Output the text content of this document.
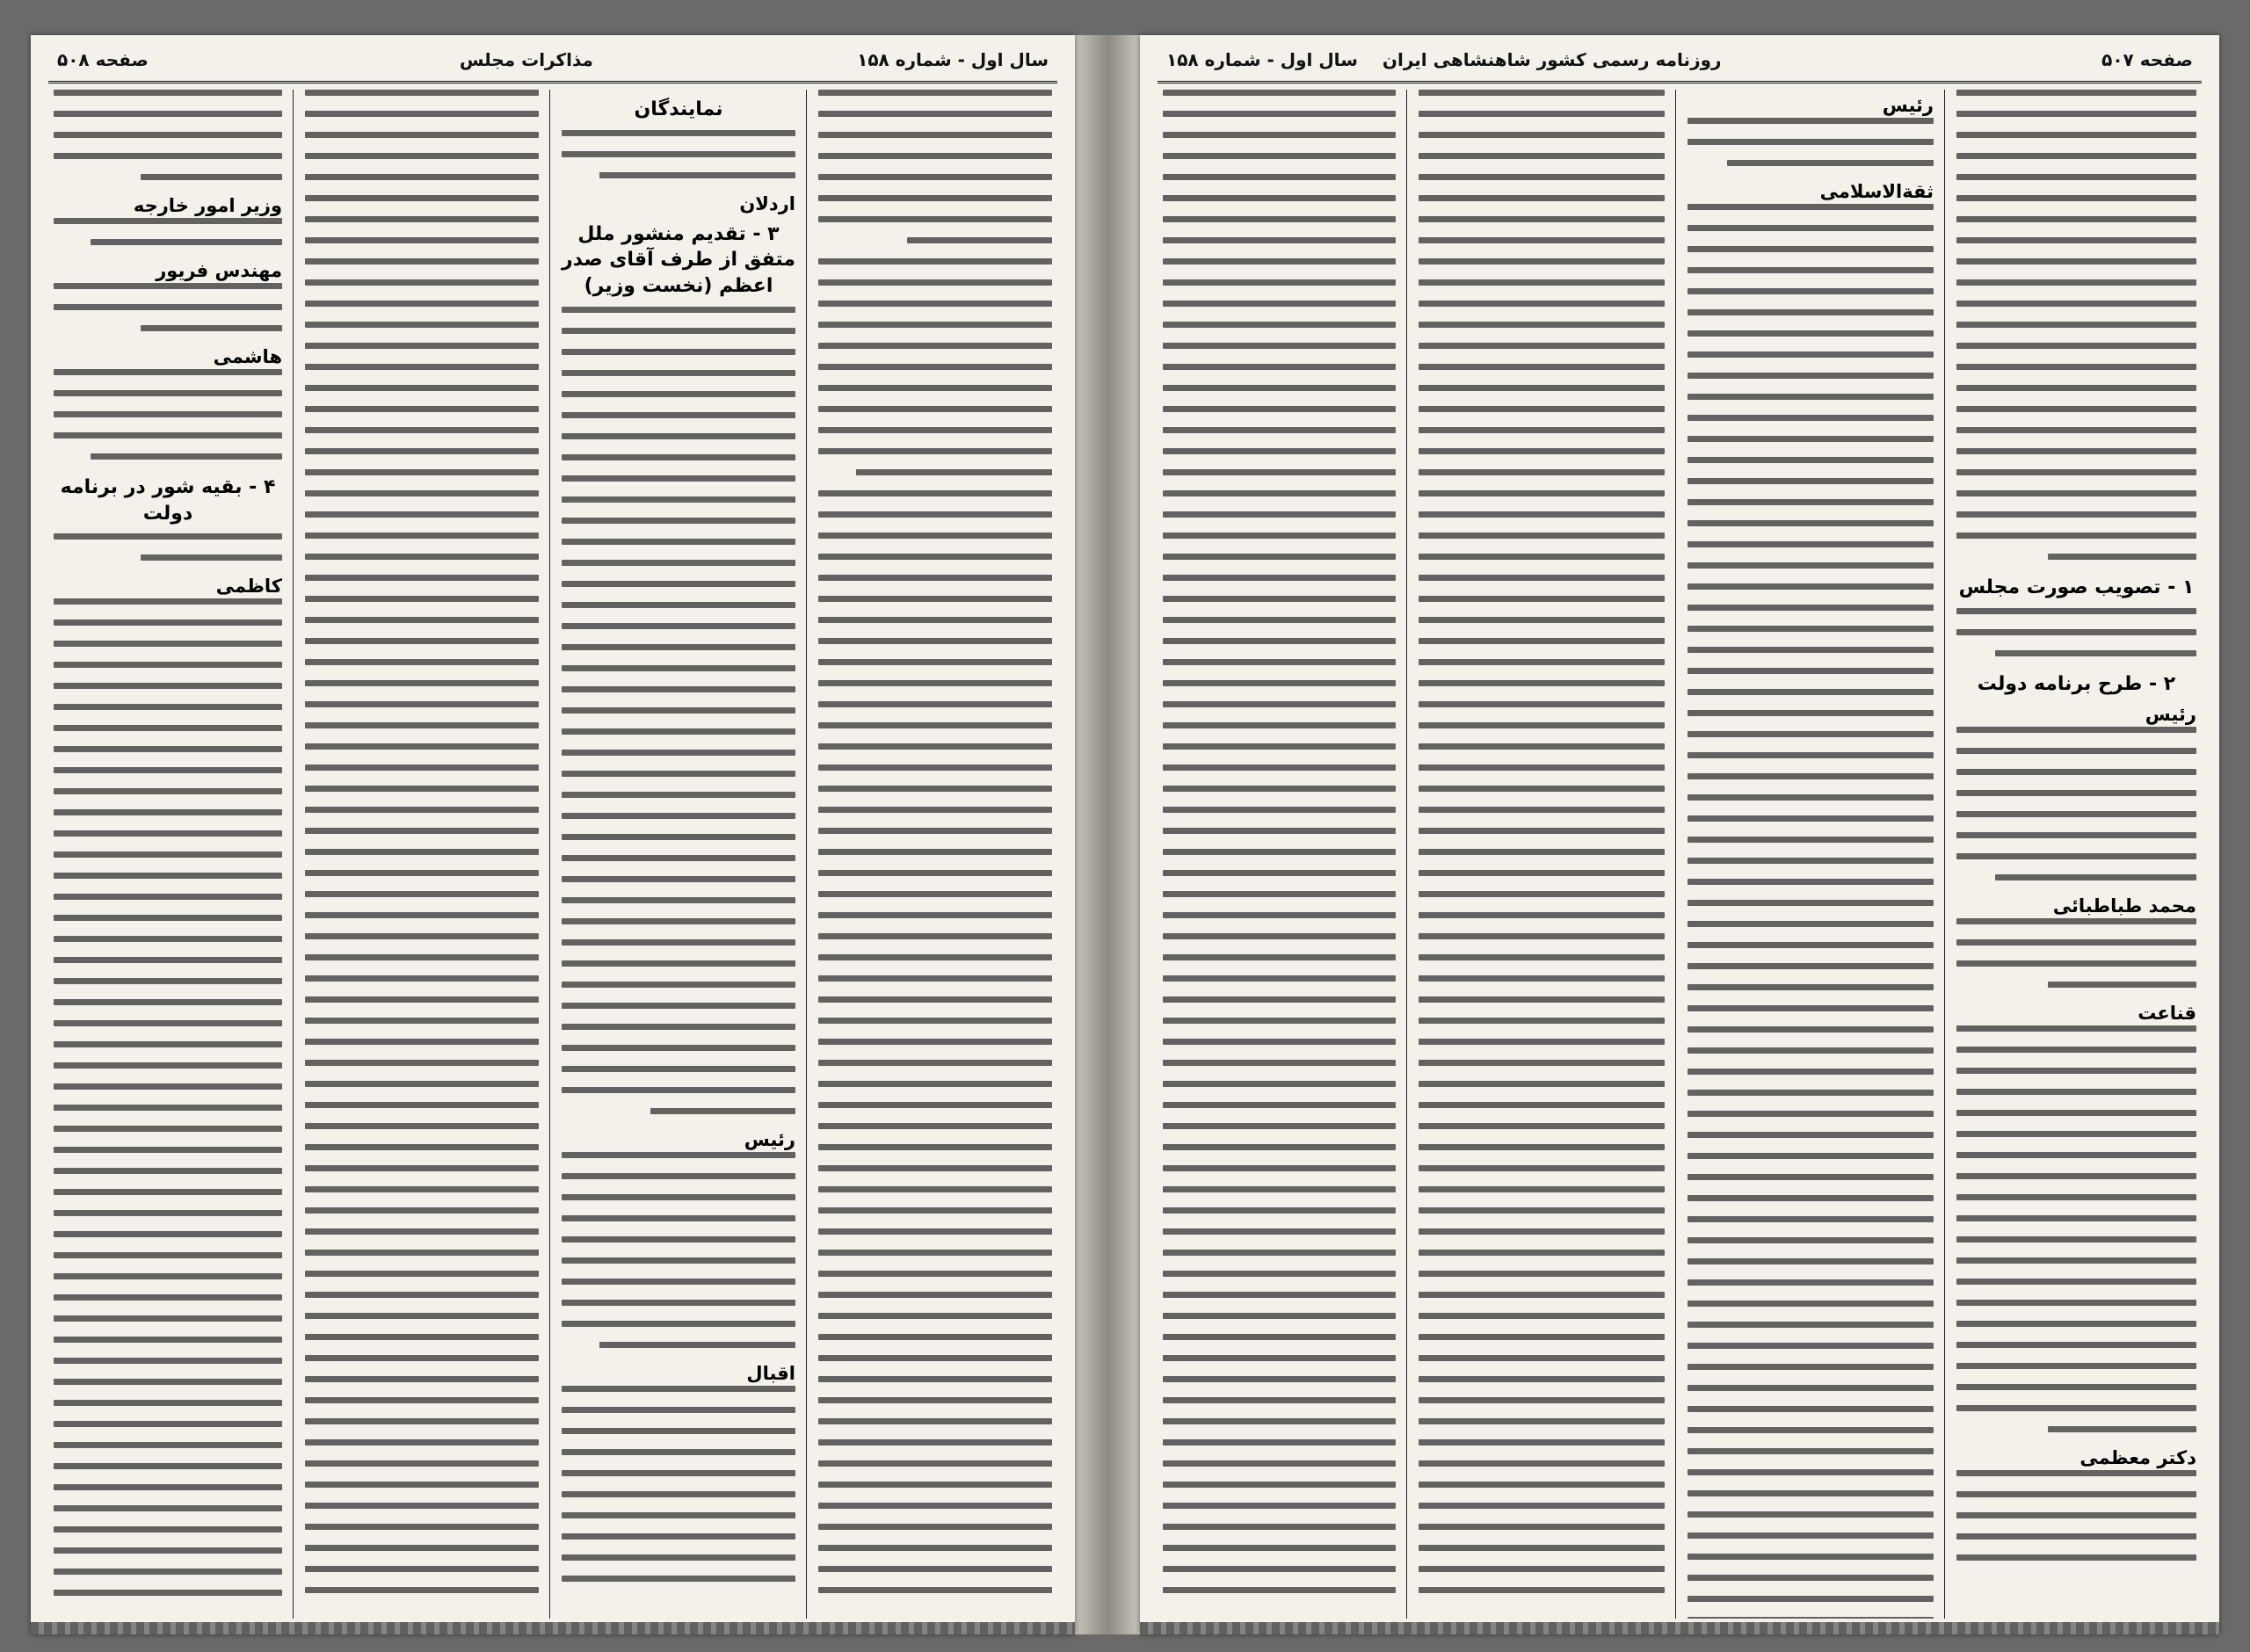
صفحه ۵۰۸	مذاکرات مجلس	سال اول - شماره ۱۵۸
نمایندگان
اردلان
۳ - تقدیم منشور ملل متفق از طرف آقای صدر اعظم (نخست وزیر)
رئیس
اقبال
وزیر امور خارجه
مهندس فریور
هاشمی
۴ - بقیه شور در برنامه دولت
کاظمی
صفحه ۵۰۷
روزنامه رسمی کشور شاهنشاهی ایران
سال اول - شماره ۱۵۸
۱ - تصویب صورت مجلس
۲ - طرح برنامه دولت
رئیس
محمد طباطبائی
قناعت
دکتر معظمی
رئیس
ثقة‌الاسلامی
